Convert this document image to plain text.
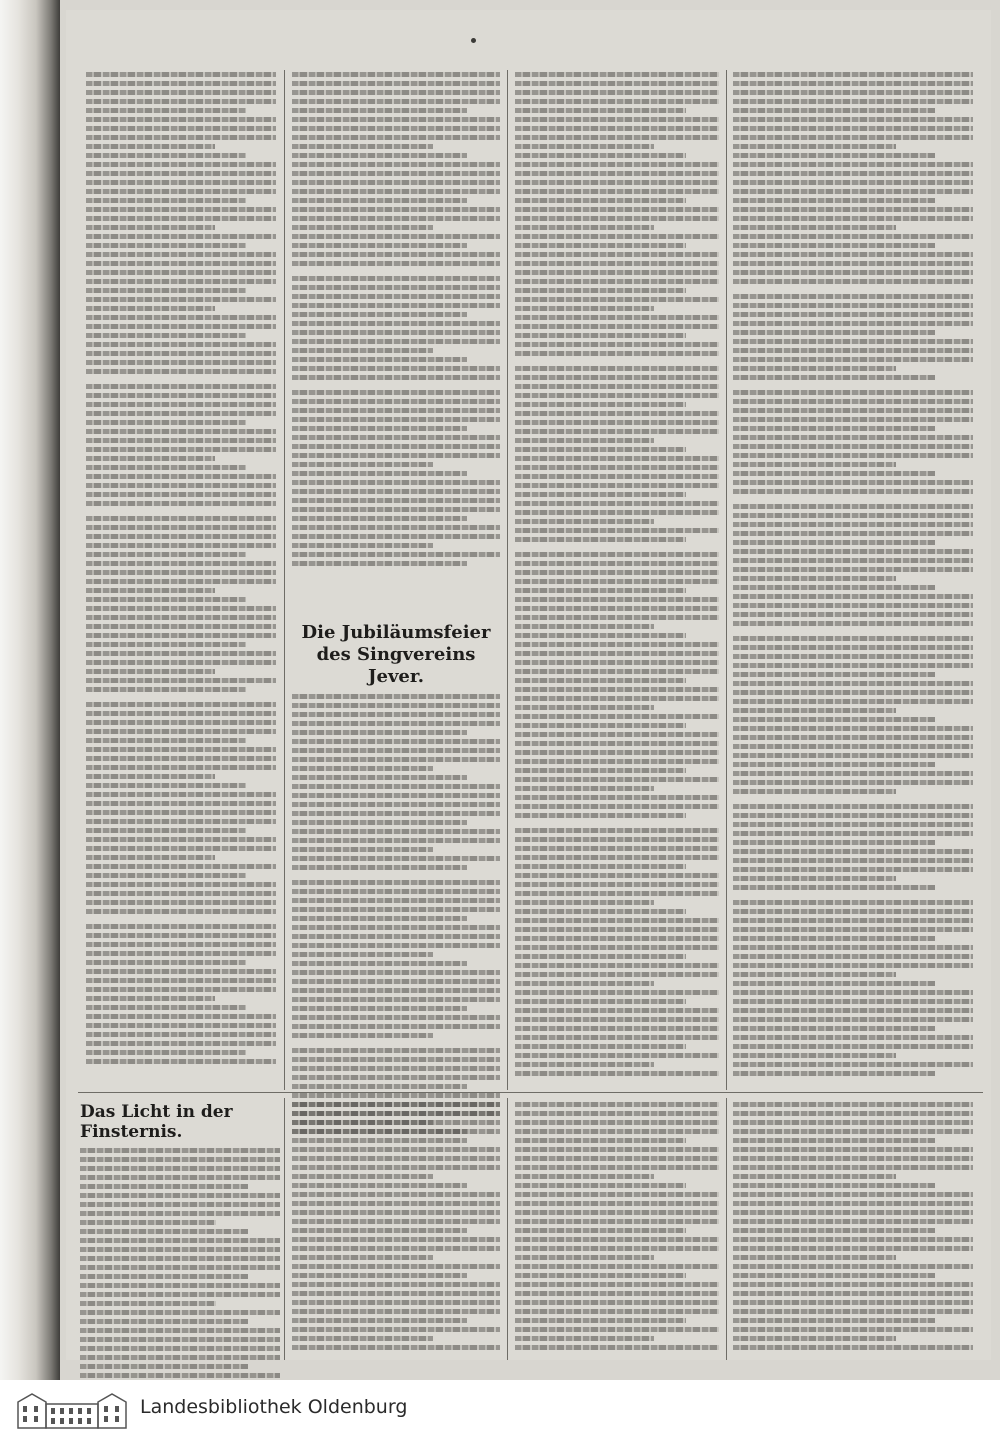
Die Jubiläumsfeier des Singvereins Jever.
Das Licht in der Finsternis.
Landesbibliothek Oldenburg
